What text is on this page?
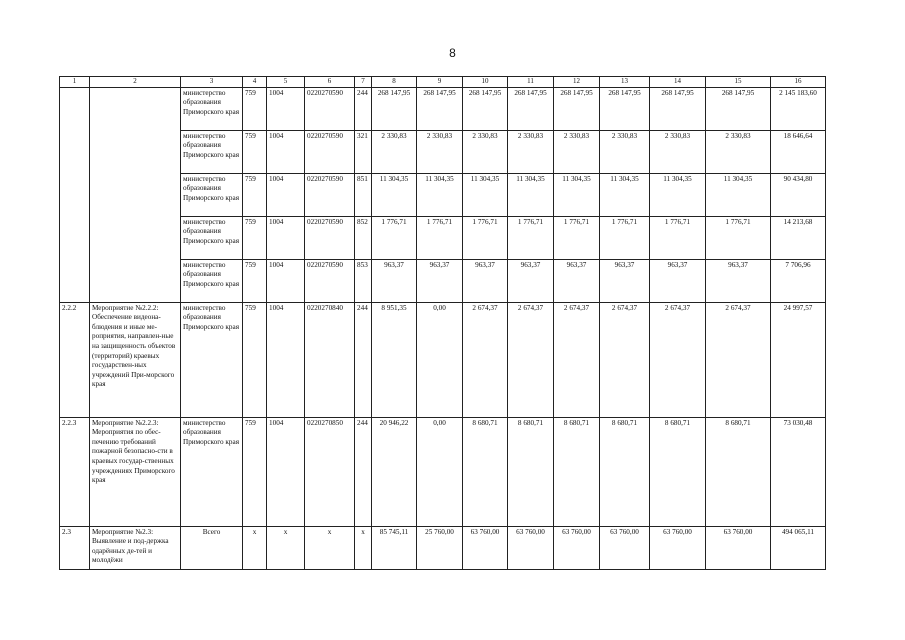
8
1	2	3	4	5	6	7	8	9	10	11	12	13	14	15	16
		министерство образования Приморского края	759	1004	0220270590	244	268 147,95	268 147,95	268 147,95	268 147,95	268 147,95	268 147,95	268 147,95	268 147,95	2 145 183,60
		министерство образования Приморского края	759	1004	0220270590	321	2 330,83	2 330,83	2 330,83	2 330,83	2 330,83	2 330,83	2 330,83	2 330,83	18 646,64
		министерство образования Приморского края	759	1004	0220270590	851	11 304,35	11 304,35	11 304,35	11 304,35	11 304,35	11 304,35	11 304,35	11 304,35	90 434,80
		министерство образования Приморского края	759	1004	0220270590	852	1 776,71	1 776,71	1 776,71	1 776,71	1 776,71	1 776,71	1 776,71	1 776,71	14 213,68
		министерство образования Приморского края	759	1004	0220270590	853	963,37	963,37	963,37	963,37	963,37	963,37	963,37	963,37	7 706,96
2.2.2	Мероприятие №2.2.2: Обеспечение видеона-блюдения и иные ме-роприятия, направлен-ные на защищенность объектов (территорий) краевых государствен-ных учреждений При-морского края	министерство образования Приморского края	759	1004	0220270840	244	8 951,35	0,00	2 674,37	2 674,37	2 674,37	2 674,37	2 674,37	2 674,37	24 997,57
2.2.3	Мероприятие №2.2.3: Мероприятия по обес-печению требований пожарной безопасно-сти в краевых государ-ственных учреждениях Приморского края	министерство образования Приморского края	759	1004	0220270850	244	20 946,22	0,00	8 680,71	8 680,71	8 680,71	8 680,71	8 680,71	8 680,71	73 030,48
2.3	Мероприятие №2.3: Выявление и под-держка одарённых де-тей и молодёжи	Всего	x	x	x	x	85 745,11	25 760,00	63 760,00	63 760,00	63 760,00	63 760,00	63 760,00	63 760,00	494 065,11
